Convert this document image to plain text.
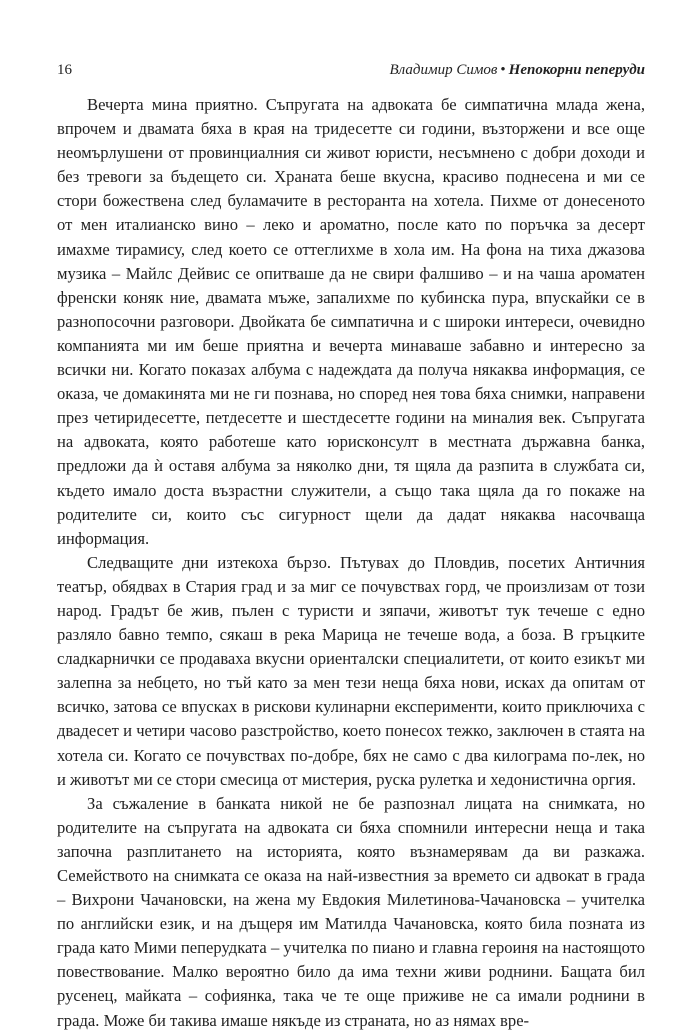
16	Владимир Симов • Непокорни пеперуди

Вечерта мина приятно. Съпругата на адвоката бе симпатична млада жена, впрочем и двамата бяха в края на тридесетте си години, възторжени и все още неомърлушени от провинциалния си живот юристи, несъмнено с добри доходи и без тревоги за бъдещето си. Храната беше вкусна, красиво поднесена и ми се стори божествена след буламачите в ресторанта на хотела. Пихме от донесеното от мен италианско вино – леко и ароматно, после като по поръчка за десерт имахме тирамису, след което се оттеглихме в хола им. На фона на тиха джазова музика – Майлс Дейвис се опитваше да не свири фалшиво – и на чаша ароматен френски коняк ние, двамата мъже, запалихме по кубинска пура, впускайки се в разнопосочни разговори. Двойката бе симпатична и с широки интереси, очевидно компанията ми им беше приятна и вечерта минаваше забавно и интересно за всички ни. Когато показах албума с надеждата да получа някаква информация, се оказа, че домакинята ми не ги познава, но според нея това бяха снимки, направени през четиридесетте, петдесетте и шестдесетте години на миналия век. Съпругата на адвоката, която работеше като юрисконсулт в местната държавна банка, предложи да ѝ оставя албума за няколко дни, тя щяла да разпита в службата си, където имало доста възрастни служители, а също така щяла да го покаже на родителите си, които със сигурност щели да дадат някаква насочваща информация.

Следващите дни изтекоха бързо. Пътувах до Пловдив, посетих Античния театър, обядвах в Стария град и за миг се почувствах горд, че произлизам от този народ. Градът бе жив, пълен с туристи и зяпачи, животът тук течеше с едно разляло бавно темпо, сякаш в река Марица не течеше вода, а боза. В гръцките сладкарнички се продаваха вкусни ориенталски специалитети, от които езикът ми залепна за небцето, но тъй като за мен тези неща бяха нови, исках да опитам от всичко, затова се впусках в рискови кулинарни експерименти, които приключиха с двадесет и четири часово разстройство, което понесох тежко, заключен в стаята на хотела си. Когато се почувствах по-добре, бях не само с два килограма по-лек, но и животът ми се стори смесица от мистерия, руска рулетка и хедонистична оргия.

За съжаление в банката никой не бе разпознал лицата на снимката, но родителите на съпругата на адвоката си бяха спомнили интересни неща и така започна разплитането на историята, която възнамерявам да ви разкажа. Семейството на снимката се оказа на най-известния за времето си адвокат в града – Вихрони Чачановски, на жена му Евдокия Милетинова-Чачановска – учителка по английски език, и на дъщеря им Матилда Чачановска, която била позната из града като Мими пеперудката – учителка по пиано и главна героиня на настоящото повествование. Малко вероятно било да има техни живи роднини. Бащата бил русенец, майката – софиянка, така че те още приживе не са имали роднини в града. Може би такива имаше някъде из страната, но аз нямах вре-
